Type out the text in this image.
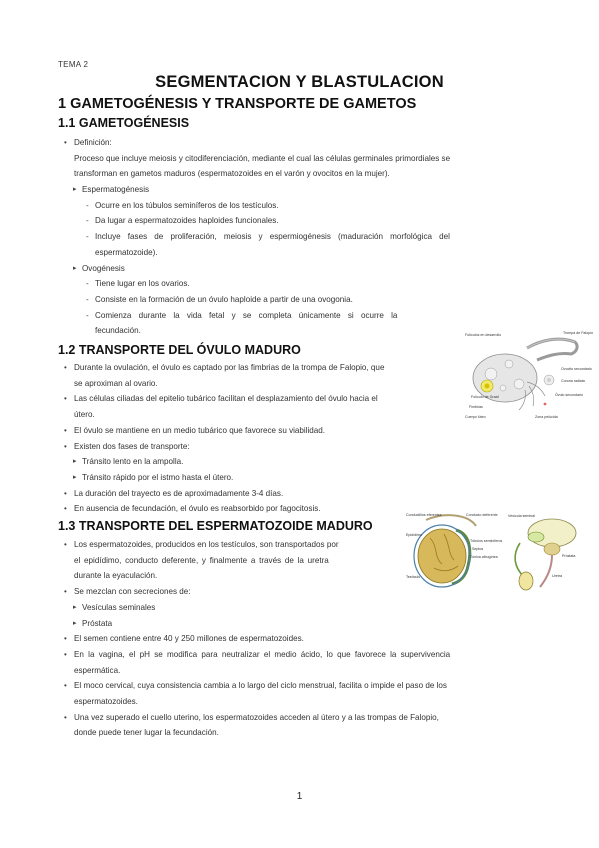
TEMA 2
SEGMENTACION Y BLASTULACION
1 GAMETOGÉNESIS Y TRANSPORTE DE GAMETOS
1.1 GAMETOGÉNESIS
• Definición:
Proceso que incluye meiosis y citodiferenciación, mediante el cual las células germinales primordiales se
transforman en gametos maduros (espermatozoides en el varón y ovocitos en la mujer).
▸ Espermatogénesis
- Ocurre en los túbulos seminíferos de los testículos.
- Da lugar a espermatozoides haploides funcionales.
- Incluye fases de proliferación, meiosis y espermiogénesis (maduración morfológica del
espermatozoide).
▸ Ovogénesis
- Tiene lugar en los ovarios.
- Consiste en la formación de un óvulo haploide a partir de una ovogonia.
- Comienza durante la vida fetal y se completa únicamente si ocurre la
fecundación.
1.2 TRANSPORTE DEL ÓVULO MADURO
• Durante la ovulación, el óvulo es captado por las fimbrias de la trompa de Falopio, que
se aproximan al ovario.
• Las células ciliadas del epitelio tubárico facilitan el desplazamiento del óvulo hacia el
útero.
• El óvulo se mantiene en un medio tubárico que favorece su viabilidad.
• Existen dos fases de transporte:
▸ Tránsito lento en la ampolla.
▸ Tránsito rápido por el istmo hasta el útero.
• La duración del trayecto es de aproximadamente 3-4 días.
• En ausencia de fecundación, el óvulo es reabsorbido por fagocitosis.
1.3 TRANSPORTE DEL ESPERMATOZOIDE MADURO
• Los espermatozoides, producidos en los testículos, son transportados por
el epidídimo, conducto deferente, y finalmente a través de la uretra
durante la eyaculación.
• Se mezclan con secreciones de:
▸ Vesículas seminales
▸ Próstata
• El semen contiene entre 40 y 250 millones de espermatozoides.
• En la vagina, el pH se modifica para neutralizar el medio ácido, lo que favorece la supervivencia
espermática.
• El moco cervical, cuya consistencia cambia a lo largo del ciclo menstrual, facilita o impide el paso de los
espermatozoides.
• Una vez superado el cuello uterino, los espermatozoides acceden al útero y a las trompas de Falopio,
donde puede tener lugar la fecundación.
Folículos en desarrollo	Trompa de Falopio
Ovocito secundario
Corona radiata
Folículo de Graaf
Fimbrias
Óvulo secundario
Zona pelúcida
Cuerpo lúteo
Conductillos eferentes	Conducto deferente
Epidídimo
Túbulos seminíferos
Septos
Testículo
Túnica albugínea
Vesícula seminal
Próstata
Uretra
1
